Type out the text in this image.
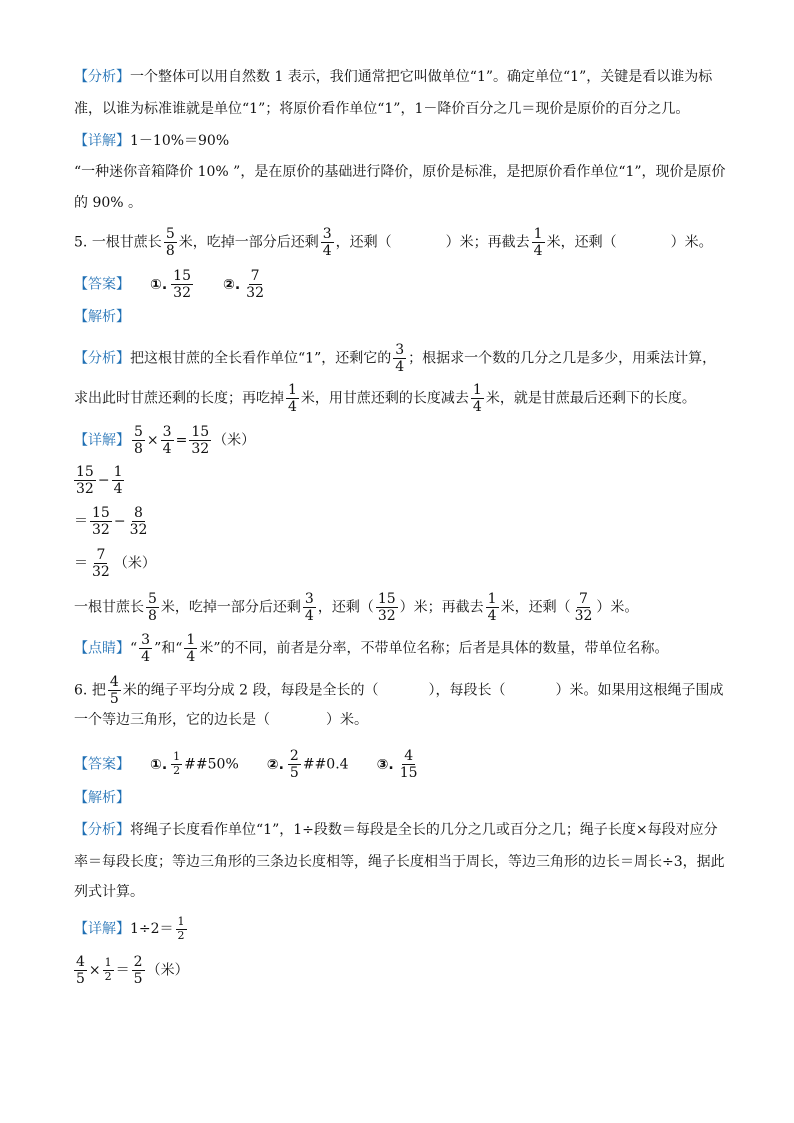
【分析】一个整体可以用自然数 1 表示，我们通常把它叫做单位“1”。确定单位“1”，关键是看以谁为标
准，以谁为标准谁就是单位“1”；将原价看作单位“1”，1－降价百分之几＝现价是原价的百分之几。
【详解】1－10%＝90%
“一种迷你音箱降价 10% ”，是在原价的基础进行降价，原价是标准，是把原价看作单位“1”，现价是原价
的 90% 。
5. 一根甘蔗长 $\frac{5}{8}$ 米，吃掉一部分后还剩 $\frac{3}{4}$ ，还剩（	）米；再截去 $\frac{1}{4}$ 米，还剩（	）米。
【答案】 ①. $\frac{15}{32}$ ②. $\frac{7}{32}$
【解析】
【分析】把这根甘蔗的全长看作单位“1”，还剩它的 $\frac{3}{4}$ ；根据求一个数的几分之几是多少，用乘法计算，
求出此时甘蔗还剩的长度；再吃掉 $\frac{1}{4}$ 米，用甘蔗还剩的长度减去 $\frac{1}{4}$ 米，就是甘蔗最后还剩下的长度。
【详解】 $\frac{5}{8} \times \frac{3}{4} = \frac{15}{32}$ （米）
$\frac{15}{32} - \frac{1}{4}$
＝ $\frac{15}{32} - \frac{8}{32}$
＝ $\frac{7}{32}$ （米）
一根甘蔗长 $\frac{5}{8}$ 米，吃掉一部分后还剩 $\frac{3}{4}$ ，还剩（ $\frac{15}{32}$ ）米；再截去 $\frac{1}{4}$ 米，还剩（ $\frac{7}{32}$ ）米。
【点睛】“ $\frac{3}{4}$ ”和“ $\frac{1}{4}$ 米”的不同，前者是分率，不带单位名称；后者是具体的数量，带单位名称。
6. 把 $\frac{4}{5}$ 米的绳子平均分成 2 段，每段是全长的（	），每段长（	）米。如果用这根绳子围成
一个等边三角形，它的边长是（	）米。
【答案】 ①. $\frac{1}{2}$ ##50% ②. $\frac{2}{5}$ ##0.4 ③. $\frac{4}{15}$
【解析】
【分析】将绳子长度看作单位“1”，1÷段数＝每段是全长的几分之几或百分之几；绳子长度×每段对应分
率＝每段长度；等边三角形的三条边长度相等，绳子长度相当于周长，等边三角形的边长＝周长÷3，据此
列式计算。
【详解】$1\div 2= \frac{1}{2}$
$\frac{4}{5} \times \frac{1}{2} = \frac{2}{5}$ （米）
